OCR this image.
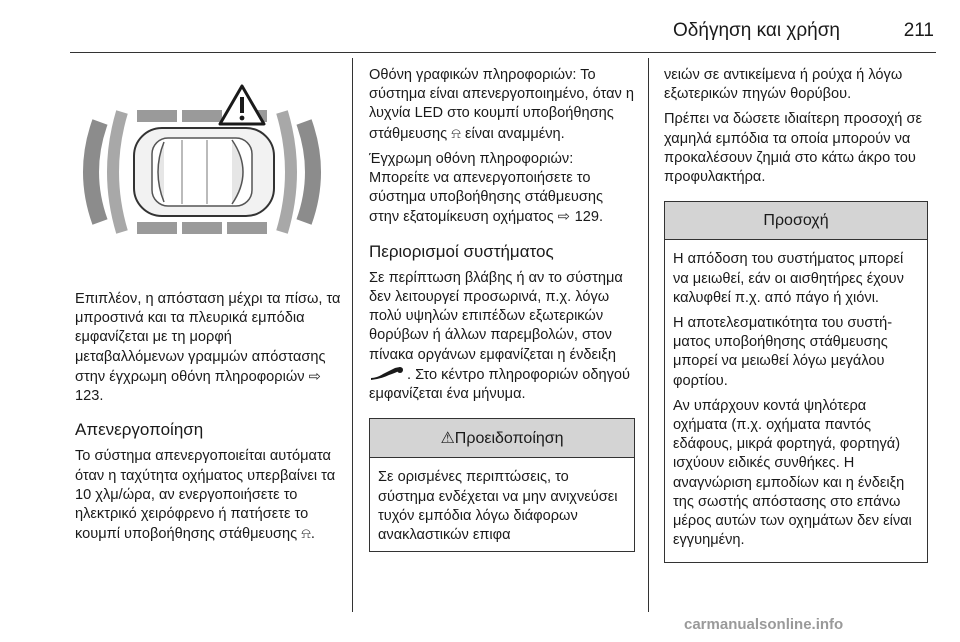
Οδήγηση και χρήση	211

Επιπλέον, η απόσταση μέχρι τα πίσω, τα μπροστινά και τα πλευρικά εμπόδια εμφανίζεται με τη μορφή μεταβαλλόμενων γραμμών απόστασης στην έγχρωμη οθόνη πληροφοριών ⇨ 123.

Απενεργοποίηση

Το σύστημα απενεργοποιείται αυτόματα όταν η ταχύτητα οχήματος υπερβαίνει τα 10 χλμ/ώρα, αν ενεργοποιήσετε το ηλεκτρικό χειρόφρενο ή πατήσετε το κουμπί υποβοήθησης στάθμευσης ⍾.

Οθόνη γραφικών πληροφοριών: Το σύστημα είναι απενεργοποιημένο, όταν η λυχνία LED στο κουμπί υποβοήθησης στάθμευσης ⍾ είναι αναμμένη.

Έγχρωμη οθόνη πληροφοριών: Μπορείτε να απενεργοποιήσετε το σύστημα υποβοήθησης στάθμευσης στην εξατομίκευση οχήματος ⇨ 129.

Περιορισμοί συστήματος

Σε περίπτωση βλάβης ή αν το σύστημα δεν λειτουργεί προσωρινά, π.χ. λόγω πολύ υψηλών επιπέδων εξωτερικών θορύβων ή άλλων παρεμβολών, στον πίνακα οργάνων εμφανίζεται η ένδειξη . Στο κέντρο πληροφοριών οδηγού εμφανίζεται ένα μήνυμα.

⚠Προειδοποίηση
Σε ορισμένες περιπτώσεις, το σύστημα ενδέχεται να μην ανιχνεύσει τυχόν εμπόδια λόγω διάφορων ανακλαστικών επιφα

νειών σε αντικείμενα ή ρούχα ή λόγω εξωτερικών πηγών θορύβου.

Πρέπει να δώσετε ιδιαίτερη προσοχή σε χαμηλά εμπόδια τα οποία μπορούν να προκαλέσουν ζημιά στο κάτω άκρο του προφυλακτήρα.

Προσοχή

Η απόδοση του συστήματος μπορεί να μειωθεί, εάν οι αισθητήρες έχουν καλυφθεί π.χ. από πάγο ή χιόνι.

Η αποτελεσματικότητα του συστήματος υποβοήθησης στάθμευσης μπορεί να μειωθεί λόγω μεγάλου φορτίου.

Αν υπάρχουν κοντά ψηλότερα οχήματα (π.χ. οχήματα παντός εδάφους, μικρά φορτηγά, φορτηγά) ισχύουν ειδικές συνθήκες. Η αναγνώριση εμποδίων και η ένδειξη της σωστής απόστασης στο επάνω μέρος αυτών των οχημάτων δεν είναι εγγυημένη.

carmanualsonline.info
